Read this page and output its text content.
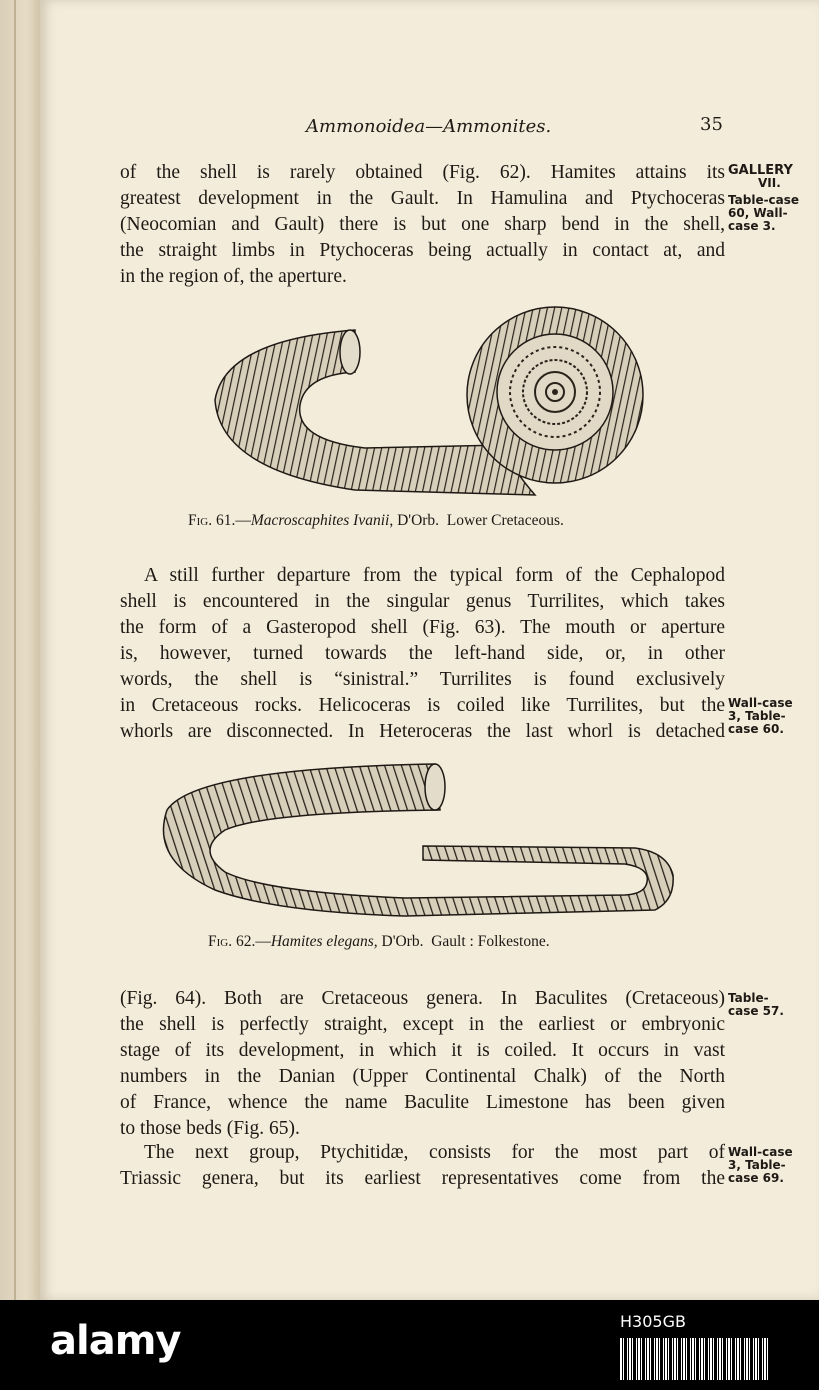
Ammonoidea—Ammonites.	35
of the shell is rarely obtained (Fig. 62). Hamites attains its
greatest development in the Gault. In Hamulina and Ptychoceras
(Neocomian and Gault) there is but one sharp bend in the shell,
the straight limbs in Ptychoceras being actually in contact at, and
in the region of, the aperture.
GALLERY
VII.
Table-case
60, Wall-
case 3.
Fig. 61.—Macroscaphites Ivanii, D'Orb. Lower Cretaceous.
A still further departure from the typical form of the Cephalopod
shell is encountered in the singular genus Turrilites, which takes
the form of a Gasteropod shell (Fig. 63). The mouth or aperture
is, however, turned towards the left-hand side, or, in other
words, the shell is “sinistral.” Turrilites is found exclusively
in Cretaceous rocks. Helicoceras is coiled like Turrilites, but the
whorls are disconnected. In Heteroceras the last whorl is detached
Wall-case
3, Table-
case 60.
Fig. 62.—Hamites elegans, D'Orb. Gault : Folkestone.
(Fig. 64). Both are Cretaceous genera. In Baculites (Cretaceous)
the shell is perfectly straight, except in the earliest or embryonic
stage of its development, in which it is coiled. It occurs in vast
numbers in the Danian (Upper Continental Chalk) of the North
of France, whence the name Baculite Limestone has been given
to those beds (Fig. 65).
Table-
case 57.
The next group, Ptychitidæ, consists for the most part of
Triassic genera, but its earliest representatives come from the
Wall-case
3, Table-
case 69.
alamy	H305GB
